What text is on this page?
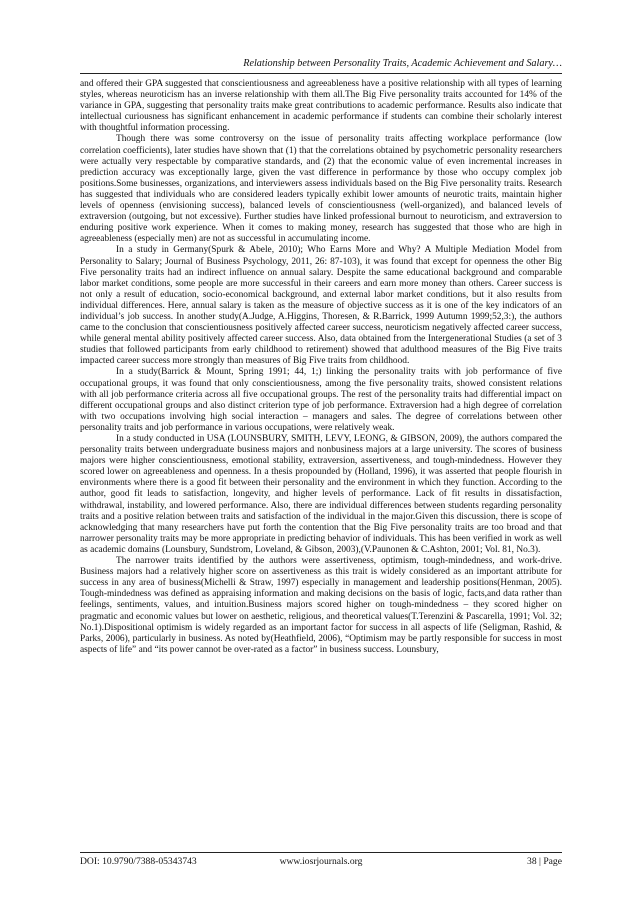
Relationship between Personality Traits, Academic Achievement and Salary…

and offered their GPA suggested that conscientiousness and agreeableness have a positive relationship with all types of learning styles, whereas neuroticism has an inverse relationship with them all.The Big Five personality traits accounted for 14% of the variance in GPA, suggesting that personality traits make great contributions to academic performance. Results also indicate that intellectual curiousness has significant enhancement in academic performance if students can combine their scholarly interest with thoughtful information processing.

Though there was some controversy on the issue of personality traits affecting workplace performance (low correlation coefficients), later studies have shown that (1) that the correlations obtained by psychometric personality researchers were actually very respectable by comparative standards, and (2) that the economic value of even incremental increases in prediction accuracy was exceptionally large, given the vast difference in performance by those who occupy complex job positions.Some businesses, organizations, and interviewers assess individuals based on the Big Five personality traits. Research has suggested that individuals who are considered leaders typically exhibit lower amounts of neurotic traits, maintain higher levels of openness (envisioning success), balanced levels of conscientiousness (well-organized), and balanced levels of extraversion (outgoing, but not excessive). Further studies have linked professional burnout to neuroticism, and extraversion to enduring positive work experience. When it comes to making money, research has suggested that those who are high in agreeableness (especially men) are not as successful in accumulating income.

In a study in Germany(Spurk & Abele, 2010); Who Earns More and Why? A Multiple Mediation Model from Personality to Salary; Journal of Business Psychology, 2011, 26: 87-103), it was found that except for openness the other Big Five personality traits had an indirect influence on annual salary. Despite the same educational background and comparable labor market conditions, some people are more successful in their careers and earn more money than others. Career success is not only a result of education, socio-economical background, and external labor market conditions, but it also results from individual differences. Here, annual salary is taken as the measure of objective success as it is one of the key indicators of an individual’s job success. In another study(A.Judge, A.Higgins, Thoresen, & R.Barrick, 1999 Autumn 1999;52,3:), the authors came to the conclusion that conscientiousness positively affected career success, neuroticism negatively affected career success, while general mental ability positively affected career success. Also, data obtained from the Intergenerational Studies (a set of 3 studies that followed participants from early childhood to retirement) showed that adulthood measures of the Big Five traits impacted career success more strongly than measures of Big Five traits from childhood.

In a study(Barrick & Mount, Spring 1991; 44, 1;) linking the personality traits with job performance of five occupational groups, it was found that only conscientiousness, among the five personality traits, showed consistent relations with all job performance criteria across all five occupational groups. The rest of the personality traits had differential impact on different occupational groups and also distinct criterion type of job performance. Extraversion had a high degree of correlation with two occupations involving high social interaction – managers and sales. The degree of correlations between other personality traits and job performance in various occupations, were relatively weak.

In a study conducted in USA (LOUNSBURY, SMITH, LEVY, LEONG, & GIBSON, 2009), the authors compared the personality traits between undergraduate business majors and nonbusiness majors at a large university. The scores of business majors were higher conscientiousness, emotional stability, extraversion, assertiveness, and tough-mindedness. However they scored lower on agreeableness and openness. In a thesis propounded by (Holland, 1996), it was asserted that people flourish in environments where there is a good fit between their personality and the environment in which they function. According to the author, good fit leads to satisfaction, longevity, and higher levels of performance. Lack of fit results in dissatisfaction, withdrawal, instability, and lowered performance. Also, there are individual differences between students regarding personality traits and a positive relation between traits and satisfaction of the individual in the major.Given this discussion, there is scope of acknowledging that many researchers have put forth the contention that the Big Five personality traits are too broad and that narrower personality traits may be more appropriate in predicting behavior of individuals. This has been verified in work as well as academic domains (Lounsbury, Sundstrom, Loveland, & Gibson, 2003),(V.Paunonen & C.Ashton, 2001; Vol. 81, No.3).

The narrower traits identified by the authors were assertiveness, optimism, tough-mindedness, and work-drive. Business majors had a relatively higher score on assertiveness as this trait is widely considered as an important attribute for success in any area of business(Michelli & Straw, 1997) especially in management and leadership positions(Henman, 2005). Tough-mindedness was defined as appraising information and making decisions on the basis of logic, facts,and data rather than feelings, sentiments, values, and intuition.Business majors scored higher on tough-mindedness – they scored higher on pragmatic and economic values but lower on aesthetic, religious, and theoretical values(T.Terenzini & Pascarella, 1991; Vol. 32; No.1).Dispositional optimism is widely regarded as an important factor for success in all aspects of life (Seligman, Rashid, & Parks, 2006), particularly in business. As noted by(Heathfield, 2006), “Optimism may be partly responsible for success in most aspects of life” and “its power cannot be over-rated as a factor” in business success. Lounsbury,

DOI: 10.9790/7388-05343743	www.iosrjournals.org	38 | Page
